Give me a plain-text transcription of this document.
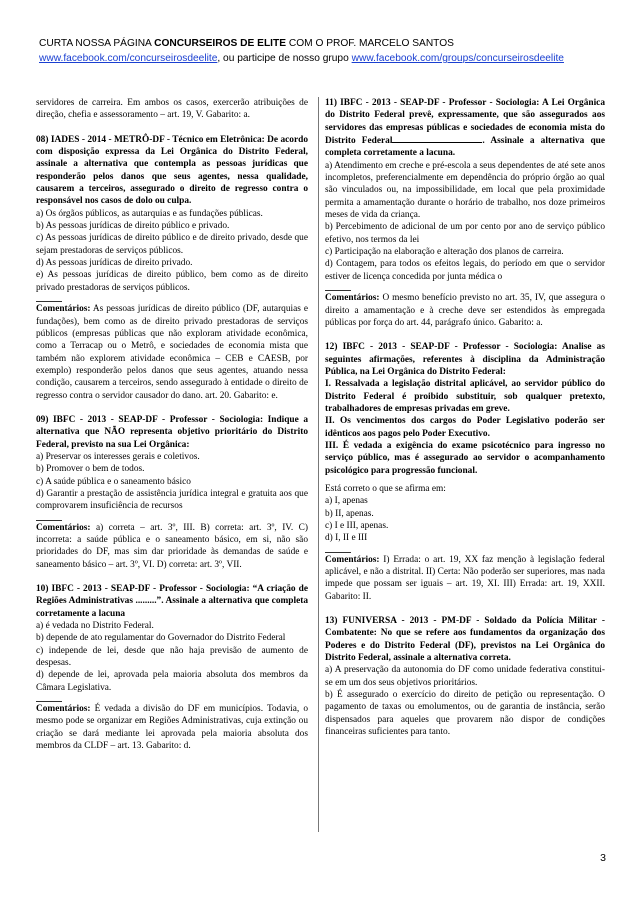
CURTA NOSSA PÁGINA CONCURSEIROS DE ELITE COM O PROF. MARCELO SANTOS
www.facebook.com/concurseirosdeelite, ou participe de nosso grupo www.facebook.com/groups/concurseirosdeelite

servidores de carreira. Em ambos os casos, exercerão atribuições de direção, chefia e assessoramento – art. 19, V. Gabarito: a.

08) IADES - 2014 - METRÔ-DF - Técnico em Eletrônica: De acordo com disposição expressa da Lei Orgânica do Distrito Federal, assinale a alternativa que contempla as pessoas jurídicas que responderão pelos danos que seus agentes, nessa qualidade, causarem a terceiros, assegurado o direito de regresso contra o responsável nos casos de dolo ou culpa.

a) Os órgãos públicos, as autarquias e as fundações públicas.

b) As pessoas jurídicas de direito público e privado.

c) As pessoas jurídicas de direito público e de direito privado, desde que sejam prestadoras de serviços públicos.

d) As pessoas jurídicas de direito privado.

e) As pessoas jurídicas de direito público, bem como as de direito privado prestadoras de serviços públicos.

Comentários: As pessoas jurídicas de direito público (DF, autarquias e fundações), bem como as de direito privado prestadoras de serviços públicos (empresas públicas que não exploram atividade econômica, como a Terracap ou o Metrô, e sociedades de economia mista que também não explorem atividade econômica – CEB e CAESB, por exemplo) responderão pelos danos que seus agentes, atuando nessa condição, causarem a terceiros, sendo assegurado à entidade o direito de regresso contra o servidor causador do dano. art. 20. Gabarito: e.

09) IBFC - 2013 - SEAP-DF - Professor - Sociologia: Indique a alternativa que NÃO representa objetivo prioritário do Distrito Federal, previsto na sua Lei Orgânica:

a) Preservar os interesses gerais e coletivos.

b) Promover o bem de todos.

c) A saúde pública e o saneamento básico

d) Garantir a prestação de assistência jurídica integral e gratuita aos que comprovarem insuficiência de recursos

Comentários: a) correta – art. 3º, III. B) correta: art. 3º, IV. C) incorreta: a saúde pública e o saneamento básico, em si, não são prioridades do DF, mas sim dar prioridade às demandas de saúde e saneamento básico – art. 3º, VI. D) correta: art. 3º, VII.

10) IBFC - 2013 - SEAP-DF - Professor - Sociologia: “A criação de Regiões Administrativas .........”. Assinale a alternativa que completa corretamente a lacuna

a) é vedada no Distrito Federal.

b) depende de ato regulamentar do Governador do Distrito Federal

c) independe de lei, desde que não haja previsão de aumento de despesas.

d) depende de lei, aprovada pela maioria absoluta dos membros da Câmara Legislativa.

Comentários: É vedada a divisão do DF em municípios. Todavia, o mesmo pode se organizar em Regiões Administrativas, cuja extinção ou criação se dará mediante lei aprovada pela maioria absoluta dos membros da CLDF – art. 13. Gabarito: d.

11) IBFC - 2013 - SEAP-DF - Professor - Sociologia: A Lei Orgânica do Distrito Federal prevê, expressamente, que são assegurados aos servidores das empresas públicas e sociedades de economia mista do Distrito Federal	. Assinale a alternativa que completa corretamente a lacuna.

a) Atendimento em creche e pré-escola a seus dependentes de até sete anos incompletos, preferencialmente em dependência do próprio órgão ao qual são vinculados ou, na impossibilidade, em local que pela proximidade permita a amamentação durante o horário de trabalho, nos doze primeiros meses de vida da criança.

b) Percebimento de adicional de um por cento por ano de serviço público efetivo, nos termos da lei

c) Participação na elaboração e alteração dos planos de carreira.

d) Contagem, para todos os efeitos legais, do período em que o servidor estiver de licença concedida por junta médica o

Comentários: O mesmo benefício previsto no art. 35, IV, que assegura o direito a amamentação e à creche deve ser estendidos às empregada públicas por força do art. 44, parágrafo único. Gabarito: a.

12) IBFC - 2013 - SEAP-DF - Professor - Sociologia: Analise as seguintes afirmações, referentes à disciplina da Administração Pública, na Lei Orgânica do Distrito Federal:

I. Ressalvada a legislação distrital aplicável, ao servidor público do Distrito Federal é proibido substituir, sob qualquer pretexto, trabalhadores de empresas privadas em greve.

II. Os vencimentos dos cargos do Poder Legislativo poderão ser idênticos aos pagos pelo Poder Executivo.

III. É vedada a exigência do exame psicotécnico para ingresso no serviço público, mas é assegurado ao servidor o acompanhamento psicológico para progressão funcional.

Está correto o que se afirma em:

a) I, apenas

b) II, apenas.

c) I e III, apenas.

d) I, II e III

Comentários: I) Errada: o art. 19, XX faz menção à legislação federal aplicável, e não a distrital. II) Certa: Não poderão ser superiores, mas nada impede que possam ser iguais – art. 19, XI. III) Errada: art. 19, XXII. Gabarito: II.

13) FUNIVERSA - 2013 - PM-DF - Soldado da Polícia Militar - Combatente: No que se refere aos fundamentos da organização dos Poderes e do Distrito Federal (DF), previstos na Lei Orgânica do Distrito Federal, assinale a alternativa correta.

a) A preservação da autonomia do DF como unidade federativa constitui-se em um dos seus objetivos prioritários.

b) É assegurado o exercício do direito de petição ou representação. O pagamento de taxas ou emolumentos, ou de garantia de instância, serão dispensados para aqueles que provarem não dispor de condições financeiras suficientes para tanto.

3
